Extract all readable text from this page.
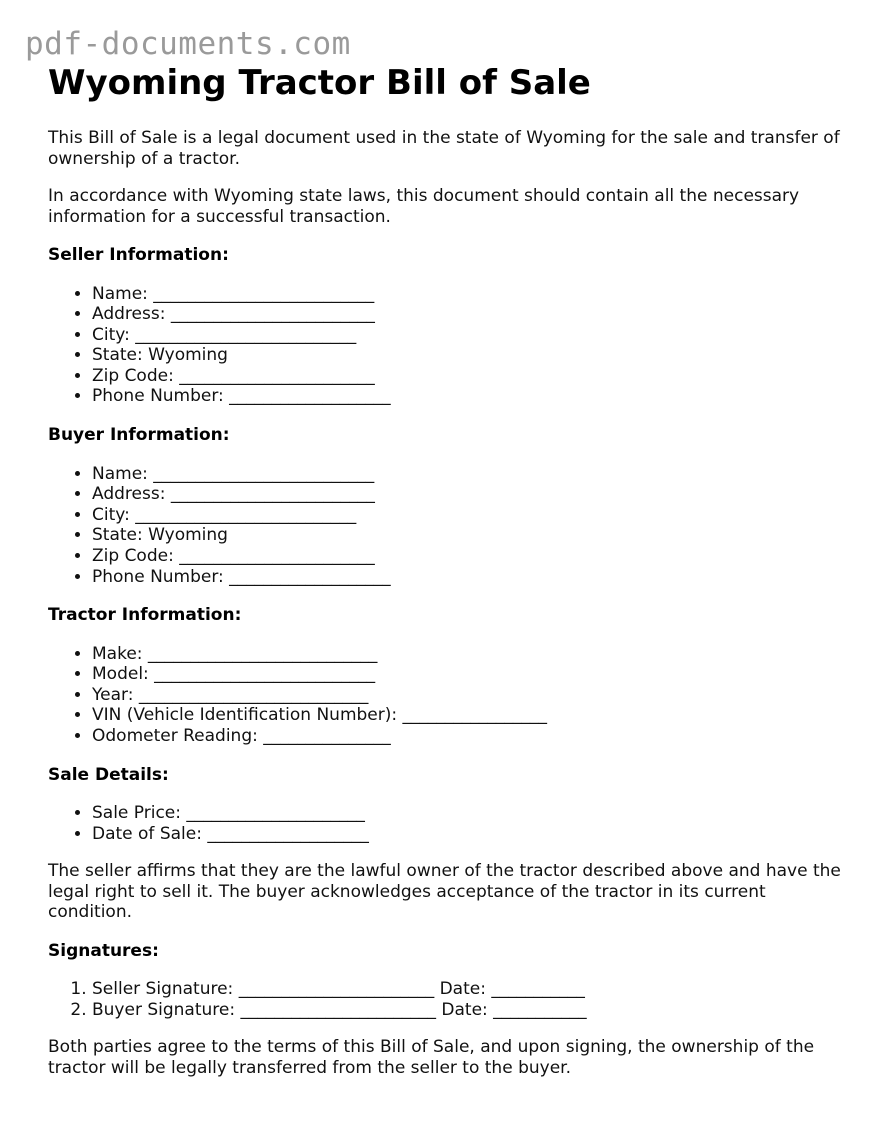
pdf-documents.com
Wyoming Tractor Bill of Sale

This Bill of Sale is a legal document used in the state of Wyoming for the sale and transfer of ownership of a tractor.

In accordance with Wyoming state laws, this document should contain all the necessary information for a successful transaction.

Seller Information:
• Name: __________________________
• Address: ________________________
• City: __________________________
• State: Wyoming
• Zip Code: _______________________
• Phone Number: ___________________
Buyer Information:
• Name: __________________________
• Address: ________________________
• City: __________________________
• State: Wyoming
• Zip Code: _______________________
• Phone Number: ___________________
Tractor Information:
• Make: ___________________________
• Model: __________________________
• Year: ___________________________
• VIN (Vehicle Identification Number): _________________
• Odometer Reading: _______________
Sale Details:
• Sale Price: _____________________
• Date of Sale: ___________________

The seller affirms that they are the lawful owner of the tractor described above and have the legal right to sell it. The buyer acknowledges acceptance of the tractor in its current condition.

Signatures:
1. Seller Signature: _______________________ Date: ___________
2. Buyer Signature: _______________________ Date: ___________

Both parties agree to the terms of this Bill of Sale, and upon signing, the ownership of the tractor will be legally transferred from the seller to the buyer.
